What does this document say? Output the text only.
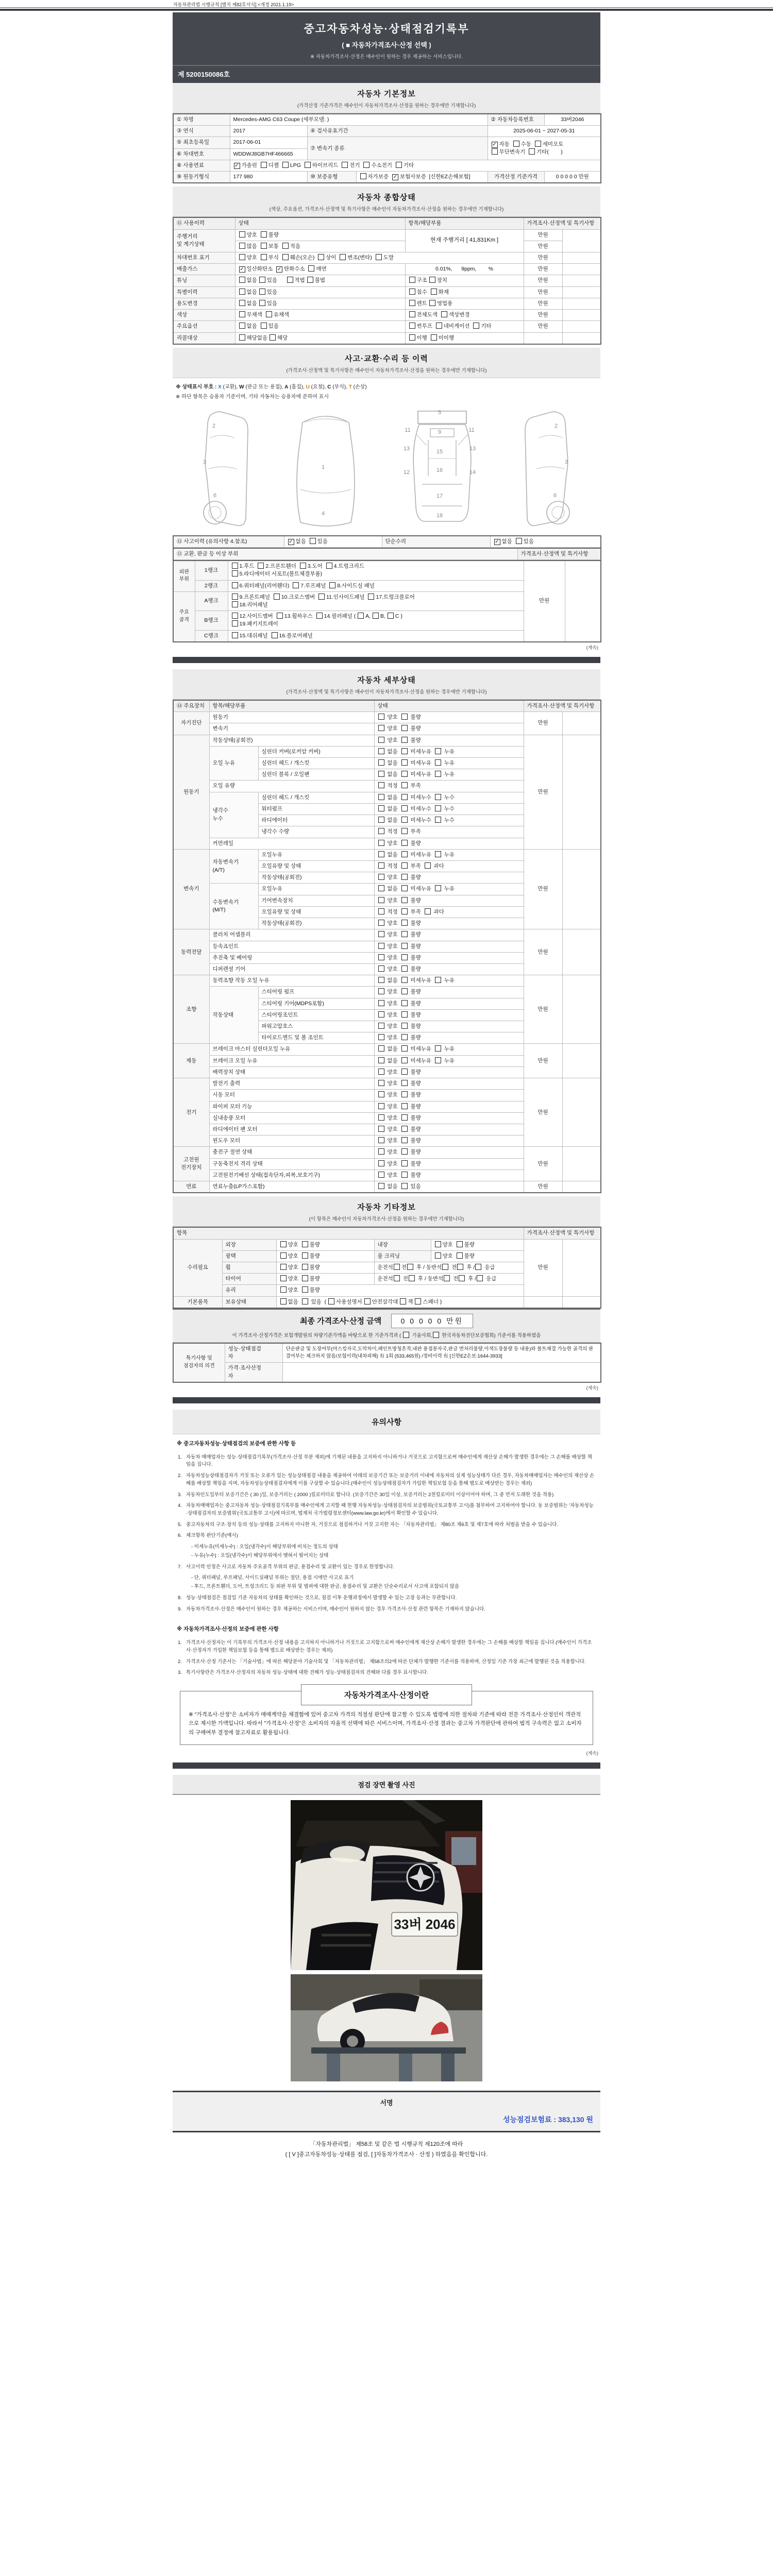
자동차관리법 시행규칙 [별지 제82호서식] <개정 2021.1.19>
중고자동차성능·상태점검기록부
( ■ 자동차가격조사·산정 선택 )
※ 자동차가격조사·산정은 매수인이 원하는 경우 제공하는 서비스입니다.
제 5200150086호
자동차 기본정보
(가격산정 기준가격은 매수인이 자동차가격조사·산정을 원하는 경우에만 기재합니다)
① 차명	Mercedes-AMG C63 Coupe (세부모델: )			② 자동차등록번호	33버2046
③ 연식	2017	④ 검사유효기간		2025-06-01 ~ 2027-05-31	
⑤ 최초등록일	2017-06-01	⑦ 변속기 종류		✓ 자동  수동  세미오토
무단변속기  기타(        )	
⑥ 차대번호	WDDWJ8GB7HF466665				
⑧ 사용연료	✓ 가솔린  디젤  LPG  하이브리드  전기  수소전기  기타				
⑨ 원동기형식	177 980	⑩ 보증유형	자가보증  ✓ 보험사보증  [신한EZ손해보험]	가격산정 기준가격	0 0 0 0 0 만원
자동차 종합상태
(색상, 주요옵션, 가격조사·산정액 및 특기사항은 매수인이 자동차가격조사·산정을 원하는 경우에만 기재합니다)
⑪ 사용이력	상태	항목/해당부품	가격조사·산정액 및 특기사항	
주행거리
및 계기상태	양호  불량	현재 주행거리 [ 41,831Km ]	만원	
	많음  보통  적음		만원	
차대번호 표기	양호  부식  훼손(오손)  상이  변조(변타)  도말		만원	
배출가스	✓ 일산화탄소  ✓ 탄화수소  매연	0.01%,      9ppm,        %	만원	
튜닝	없음 있음      적법 불법	구조 장치	만원	
특별이력	없음 있음	침수  화재	만원	
용도변경	없음 있음	렌트 영업용	만원	
색상	무채색  유채색	전체도색  색상변경	만원	
주요옵션	없음  있음	썬루프  네비게이션  기타	만원	
리콜대상	해당없음 해당	이행  미이행		
사고·교환·수리 등 이력
(가격조사·산정액 및 특기사항은 매수인이 자동차가격조사·산정을 원하는 경우에만 기재합니다)
※ 상태표시 부호 : X (교환), W (판금 또는 용접), A (흠집), U (요철), C (부식), T (손상)
※ 하단 항목은 승용차 기준이며, 기타 자동차는 승용차에 준하여 표시
2
3
6
1
4
5
9
11	11
13	13
12	16	14
15
17
18
2
3
6
⑫ 사고이력 (유의사항 4.참조)	✓ 없음  있음	단순수리	✓ 없음  있음
⑬ 교환, 판금 등 이상 부위	가격조사·산정액 및 특기사항
외판
부위	1랭크	1.후드  2.프론트휀더  3.도어  4.트렁크리드
5.라디에이터 서포트(볼트체결부품)	만원	
	2랭크	6.쿼터패널(리어휀다)  7.루프패널  8.사이드실 패널		
주요
골격	A랭크	9.프론트패널  10.크로스멤버  11.인사이드패널  17.트렁크플로어
18.리어패널		
	B랭크	12.사이드멤버  13.휠하우스  14.필러패널 ( A, B, C )
19.패키지트레이		
	C랭크	15.대쉬패널  16.플로어패널		
(계속)
자동차 세부상태
(가격조사·산정액 및 특기사항은 매수인이 자동차가격조사·산정을 원하는 경우에만 기재합니다)
⑭ 주요장치	항목/해당부품		상태	가격조사·산정액 및 특기사항	
자기진단	원동기		양호   불량	만원	
	변속기		양호   불량		
원동기	작동상태(공회전)		양호   불량	만원	
	오일 누유	실린더 커버(로커암 커버)	없음   미세누유   누유		
		실린더 헤드 / 개스킷	없음   미세누유   누유		
		실린더 블록 / 오일팬	없음   미세누유   누유		
	오일 유량		적정   부족		
	냉각수
누수	실린더 헤드 / 개스킷	없음   미세누수   누수		
		워터펌프	없음   미세누수   누수		
		라디에이터	없음   미세누수   누수		
		냉각수 수량	적정   부족		
	커먼레일		양호   불량		
변속기	자동변속기
(A/T)	오일누유	없음   미세누유   누유	만원	
		오일유량 및 상태	적정   부족   과다		
		작동상태(공회전)	양호   불량		
	수동변속기
(M/T)	오일누유	없음   미세누유   누유		
		기어변속장치	양호   불량		
		오일유량 및 상태	적정   부족   과다		
		작동상태(공회전)	양호   불량		
동력전달	클러치 어셈블리		양호   불량	만원	
	등속죠인트		양호   불량		
	추진축 및 베어링		양호   불량		
	디퍼렌셜 기어		양호   불량		
조향	동력조향 작동 오일 누유		없음   미세누유   누유	만원	
	작동상태	스티어링 펌프	양호   불량		
		스티어링 기어(MDPS포함)	양호   불량		
		스티어링조인트	양호   불량		
		파워고압호스	양호   불량		
		타이로드엔드 및 볼 조인트	양호   불량		
제동	브레이크 마스터 실린더오일 누유		없음   미세누유   누유	만원	
	브레이크 오일 누유		없음   미세누유   누유		
	배력장치 상태		양호   불량		
전기	발전기 출력		양호   불량	만원	
	시동 모터		양호   불량		
	와이퍼 모터 기능		양호   불량		
	실내송풍 모터		양호   불량		
	라디에이터 팬 모터		양호   불량		
	윈도우 모터		양호   불량		
고전원
전기장치	충전구 절연 상태		양호   불량	만원	
	구동축전지 격리 상태		양호   불량		
	고전원전기배선 상태(접속단자,피복,보호기구)		양호   불량		
연료	연료누출(LP가스포함)		없음   있음	만원	
자동차 기타정보
(이 항목은 매수인이 자동차가격조사·산정을 원하는 경우에만 기재합니다)
항목					가격조사·산정액 및 특기사항	
수리필요	외장	양호  불량	내장	양호  불량	만원	
	광택	양호  불량	룸 크리닝	양호  불량		
	휠	양호  불량	운전석 전 후 / 동반석 전 후 / 응급			
	타이어	양호  불량	운전석 전 후 / 동반석 전 후 / 응급			
	유리	양호  불량				
기본품목	보유상태	없음   있음  ( 사용설명서 안전삼각대 잭 스패너 )				
최종 가격조사·산정 금액	0 0 0 0 0 만원
이 가격조사·산정가격은 보험개발원의 차량기준가액을 바탕으로 한 기준가격과 (  기술사회, 한국자동차진단보증협회) 기준서를 적용하였음
특기사항 및
점검자의 의견	성능·상태점검
자	단순판금 및 도장여부(마스킹자국,도막차이,페인트방청흔적,내판 용접봉자국,판금 면처리불량,이색도장불량 등 내용)와 볼트체결 가능한 골격의 판결여부는 체크하지 않음/보험이력(내차피해) 有 1회 (533,465원) /정비이력 有 [신한EZ손보:1644-3933]
	가격·조사산정
자	
(계속)
유의사항
※ 중고자동차성능·상태점검의 보증에 관한 사항 등
1. 자동차 매매업자는 성능·상태점검기록부(가격조사·산정 부분 제외)에 기재된 내용을 고지하지 아니하거나 거짓으로 고지함으로써 매수인에게 재산상 손해가 발생한 경우에는 그 손해를 배상할 책임을 집니다.
2. 자동차성능상태점검자가 거짓 또는 오류가 있는 성능상태점검 내용을 제공하여 아래의 보증기간 또는 보증거리 이내에 자동차의 실제 성능상태가 다른 경우, 자동차매매업자는 매수인의 재산상 손해를 배상할 책임을 지며, 자동차성능상태점검자에게 이를 구상할 수 있습니다.(매수인이 성능상태점검자가 가입한 책임보험 등을 통해 별도로 배상받는 경우는 제외)
3. 자동차인도일부터 보증기간은 ( 30 )일, 보증거리는 ( 2000 )킬로미터로 합니다. (보증기간은 30일 이상, 보증거리는 2천킬로미터 이상이어야 하며, 그 중 먼저 도래한 것을 적용)
4. 자동차매매업자는 중고자동차 성능·상태점검기록부를 매수인에게 고지할 때 현행 자동차성능·상태점검자의 보증범위(국토교통부 고시)를 첨부하여 고지하여야 합니다. 동 보증범위는 '자동차성능·상태점검자의 보증범위'(국토교통부 고시)에 따르며, 법제처 국가법령정보센터(www.law.go.kr)에서 확인할 수 있습니다.
5. 중고자동차의 구조·장치 등의 성능·상태를 고지하지 아니한 자, 거짓으로 점검하거나 거짓 고지한 자는 「자동차관리법」 제80조 제6호 및 제7호에 따라 처벌을 받을 수 있습니다.
6. 체크항목 판단기준(예시)
- 미세누유(미세누수) : 오일(냉각수)이 해당부위에 비치는 정도의 상태
- 누유(누수) : 오일(냉각수)이 해당부위에서 맺혀서 떨어지는 상태
7. 사고이력 인정은 사고로 자동차 주요골격 부위의 판금, 용접수리 및 교환이 있는 경우로 한정합니다.
- 단, 쿼터패널, 루프패널, 사이드실패널 부위는 절단, 용접 시에만 사고로 표기
- 후드, 프론트휀더, 도어, 트렁크리드 등 외판 부위 및 범퍼에 대한 판금, 용접수리 및 교환은 단순수리로서 사고에 포함되지 않음
8. 성능·상태점검은 점검일 기준 자동차의 상태를 확인하는 것으로, 점검 이후 운행과정에서 발생할 수 있는 고장 등과는 무관합니다.
9. 자동차가격조사·산정은 매수인이 원하는 경우 제공하는 서비스이며, 매수인이 원하지 않는 경우 가격조사·산정 관련 항목은 기재하지 않습니다.
※ 자동차가격조사·산정의 보증에 관한 사항
1. 가격조사·산정자는 이 기록부의 가격조사·산정 내용을 고지하지 아니하거나 거짓으로 고지함으로써 매수인에게 재산상 손해가 발생한 경우에는 그 손해를 배상할 책임을 집니다.(매수인이 가격조사·산정자가 가입한 책임보험 등을 통해 별도로 배상받는 경우는 제외)
2. 가격조사·산정 기준서는 「기술사법」에 따른 해당분야 기술사회 및 「자동차관리법」 제58조의2에 따른 단체가 발행한 기준서를 적용하며, 산정일 기준 가장 최근에 발행된 것을 적용합니다.
3. 특기사항란은 가격조사·산정자의 자동차 성능·상태에 대한 견해가 성능·상태점검자의 견해와 다를 경우 표시합니다.
자동차가격조사·산정이란
※ "가격조사·산정"은 소비자가 매매계약을 체결함에 있어 중고차 가격의 적절성 판단에 참고할 수 있도록 법령에 의한 절차와 기준에 따라 전문 가격조사·산정인이 객관적으로 제시한 가액입니다. 따라서 "가격조사·산정"은 소비자의 자율적 선택에 따른 서비스이며, 가격조사·산정 결과는 중고차 가격판단에 관하여 법적 구속력은 없고 소비자의 구매여부 결정에 참고자료로 활용됩니다.
(계속)
점검 장면 촬영 사진
33버 2046
서명
성능점검보험료 : 383,130 원
「자동차관리법」 제58조 및 같은 법 시행규칙 제120조에 따라
( [ V ]중고자동차성능·상태를 점검, [ ]자동차가격조사 · 산정 ) 하였음을 확인합니다.
